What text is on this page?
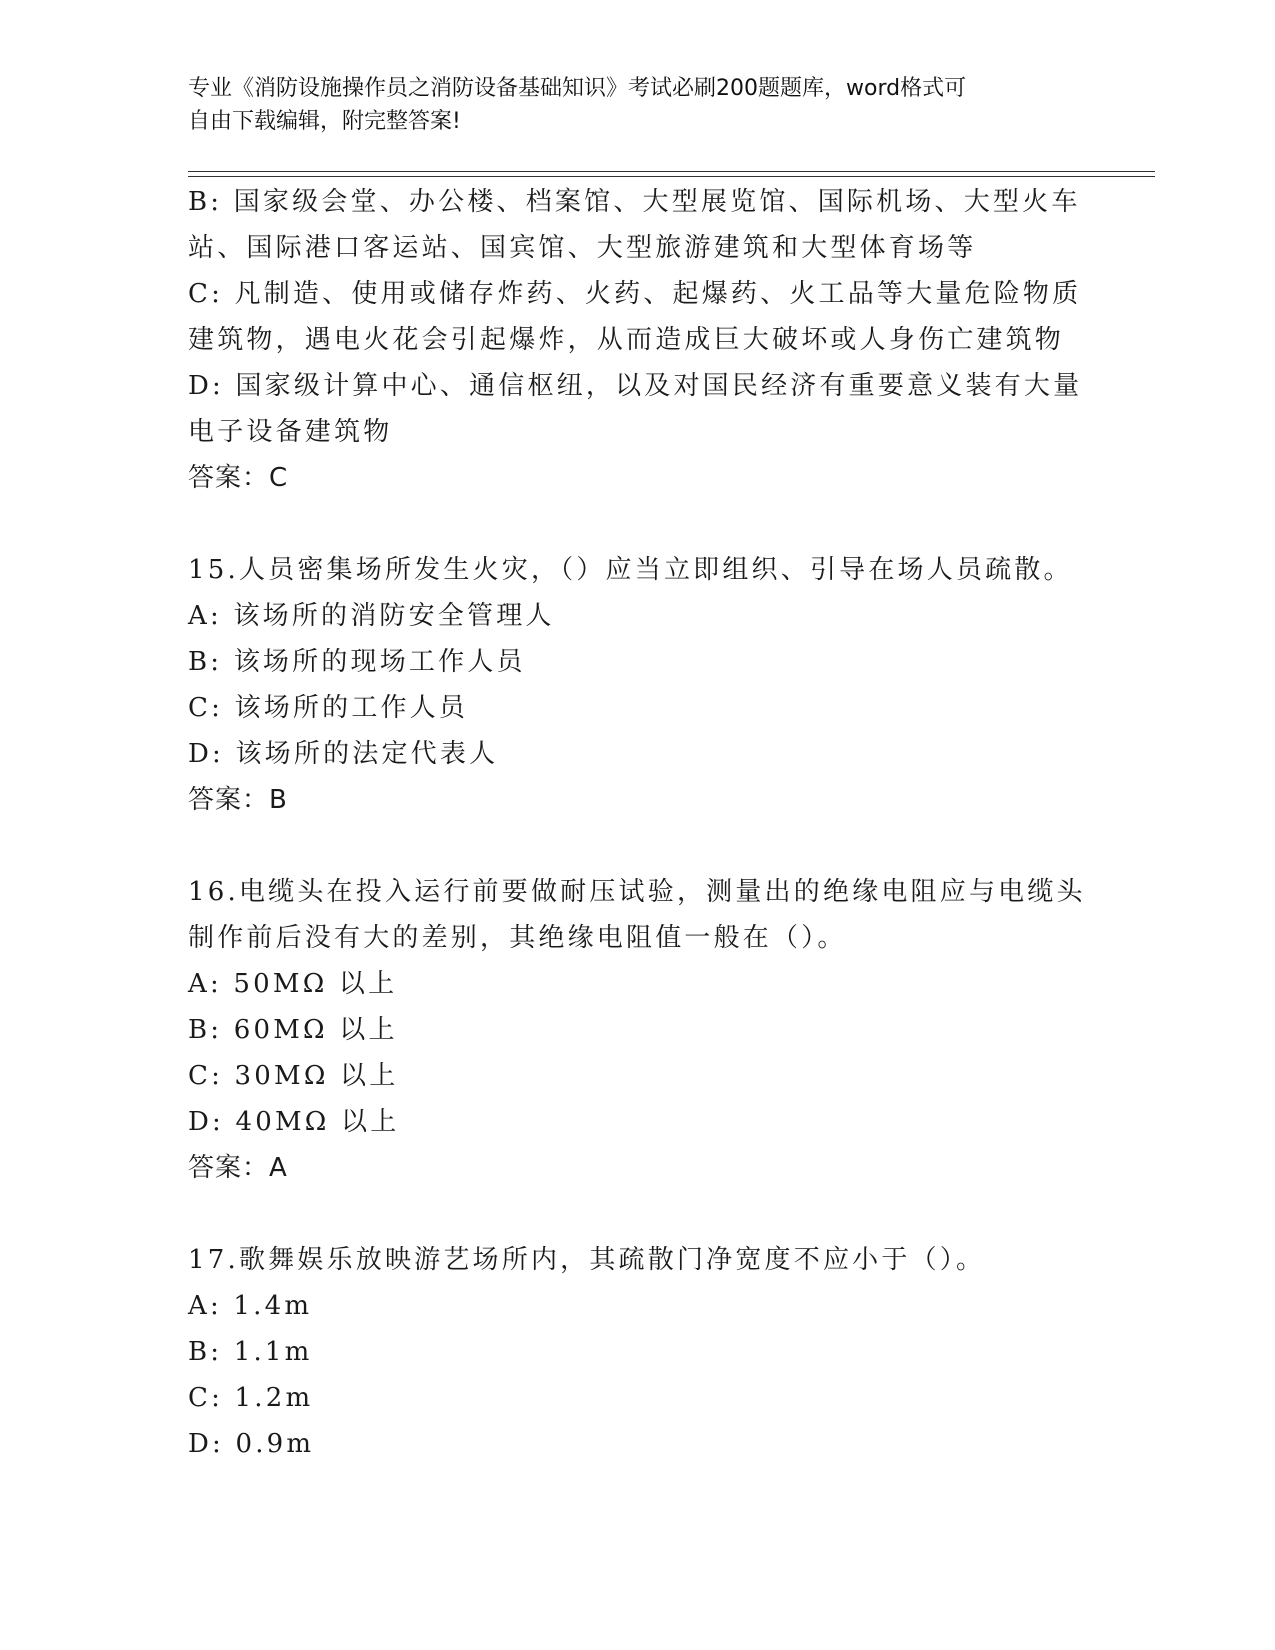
专业《消防设施操作员之消防设备基础知识》考试必刷200题题库，word格式可
自由下载编辑，附完整答案!
B: 国家级会堂、办公楼、档案馆、大型展览馆、国际机场、大型火车
站、国际港口客运站、国宾馆、大型旅游建筑和大型体育场等
C: 凡制造、使用或储存炸药、火药、起爆药、火工品等大量危险物质
建筑物，遇电火花会引起爆炸，从而造成巨大破坏或人身伤亡建筑物
D: 国家级计算中心、通信枢纽，以及对国民经济有重要意义装有大量
电子设备建筑物
答案：C
15.人员密集场所发生火灾，（）应当立即组织、引导在场人员疏散。
A: 该场所的消防安全管理人
B: 该场所的现场工作人员
C: 该场所的工作人员
D: 该场所的法定代表人
答案：B
16.电缆头在投入运行前要做耐压试验，测量出的绝缘电阻应与电缆头
制作前后没有大的差别，其绝缘电阻值一般在（）。
A: 50MΩ 以上
B: 60MΩ 以上
C: 30MΩ 以上
D: 40MΩ 以上
答案：A
17.歌舞娱乐放映游艺场所内，其疏散门净宽度不应小于（）。
A: 1.4m
B: 1.1m
C: 1.2m
D: 0.9m
